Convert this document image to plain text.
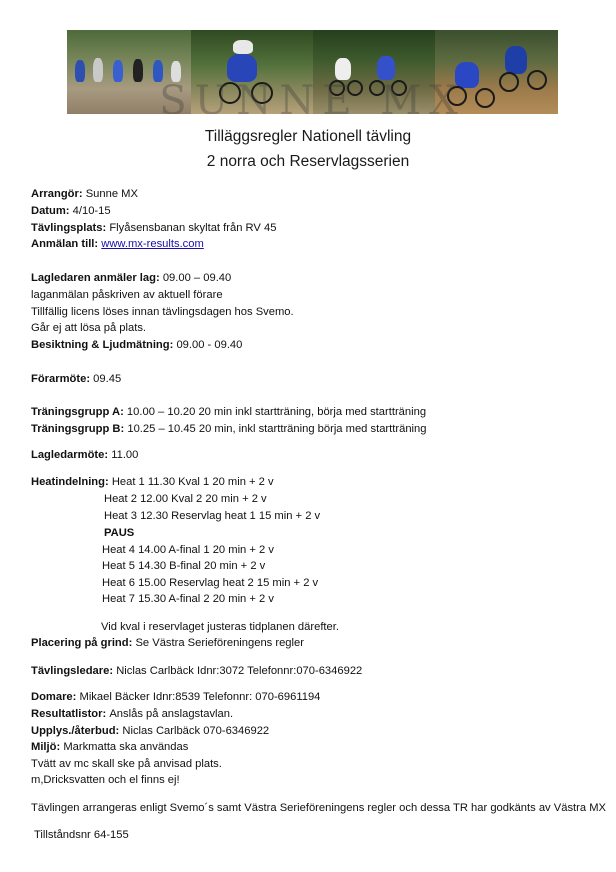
SUNNE MX
Tilläggsregler Nationell tävling
2 norra och Reservlagsserien
Arrangör: Sunne MX
Datum: 4/10-15
Tävlingsplats: Flyåsensbanan skyltat från RV 45
Anmälan till: www.mx-results.com
Lagledaren anmäler lag: 09.00 – 09.40
laganmälan påskriven av aktuell förare
Tillfällig licens löses innan tävlingsdagen hos Svemo.
Går ej att lösa på plats.
Besiktning & Ljudmätning: 09.00 - 09.40
Förarmöte: 09.45
Träningsgrupp A: 10.00 – 10.20 20 min inkl startträning, börja med startträning
Träningsgrupp B: 10.25 – 10.45 20 min, inkl startträning börja med startträning
Lagledarmöte: 11.00
Heatindelning: Heat 1 11.30 Kval 1 20 min + 2 v
Heat 2 12.00 Kval 2 20 min + 2 v
Heat 3 12.30 Reservlag heat 1 15 min + 2 v
PAUS
Heat 4 14.00 A-final 1 20 min + 2 v
Heat 5 14.30 B-final 20 min + 2 v
Heat 6 15.00 Reservlag heat 2 15 min + 2 v
Heat 7 15.30 A-final 2 20 min + 2 v
Vid kval i reservlaget justeras tidplanen därefter.
Placering på grind: Se Västra Serieföreningens regler
Tävlingsledare: Niclas Carlbäck Idnr:3072 Telefonnr:070-6346922
Domare: Mikael Bäcker Idnr:8539 Telefonnr: 070-6961194
Resultatlistor: Anslås på anslagstavlan.
Upplys./återbud: Niclas Carlbäck 070-6346922
Miljö: Markmatta ska användas
Tvätt av mc skall ske på anvisad plats.
m,Dricksvatten och el finns ej!
Tävlingen arrangeras enligt Svemo´s samt Västra Serieföreningens regler och dessa TR har godkänts av Västra MX
Tillståndsnr 64-155
